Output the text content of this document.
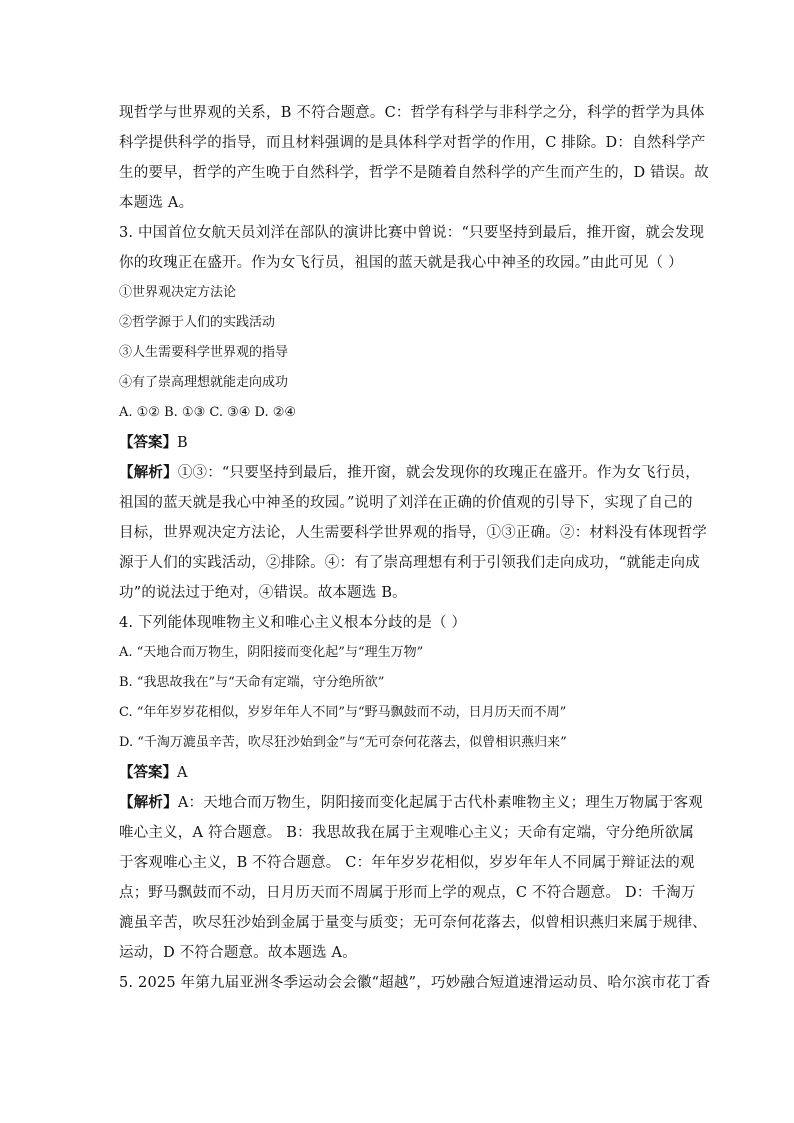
现哲学与世界观的关系，B 不符合题意。C：哲学有科学与非科学之分，科学的哲学为具体

科学提供科学的指导，而且材料强调的是具体科学对哲学的作用，C 排除。D：自然科学产

生的要早，哲学的产生晚于自然科学，哲学不是随着自然科学的产生而产生的，D 错误。故

本题选 A。

3. 中国首位女航天员刘洋在部队的演讲比赛中曾说：“只要坚持到最后，推开窗，就会发现

你的玫瑰正在盛开。作为女飞行员，祖国的蓝天就是我心中神圣的玫园。”由此可见（ ）

①世界观决定方法论

②哲学源于人们的实践活动

③人生需要科学世界观的指导

④有了崇高理想就能走向成功

A. ①② B. ①③ C. ③④ D. ②④

【答案】B

【解析】①③：“只要坚持到最后，推开窗，就会发现你的玫瑰正在盛开。作为女飞行员，

祖国的蓝天就是我心中神圣的玫园。”说明了刘洋在正确的价值观的引导下，实现了自己的

目标，世界观决定方法论，人生需要科学世界观的指导，①③正确。②：材料没有体现哲学

源于人们的实践活动，②排除。④：有了崇高理想有利于引领我们走向成功，“就能走向成

功”的说法过于绝对，④错误。故本题选 B。

4. 下列能体现唯物主义和唯心主义根本分歧的是（ ）

A. “天地合而万物生，阴阳接而变化起”与“理生万物”

B. “我思故我在”与“天命有定端，守分绝所欲”

C. “年年岁岁花相似，岁岁年年人不同”与“野马飘鼓而不动，日月历天而不周”

D. “千淘万漉虽辛苦，吹尽狂沙始到金”与“无可奈何花落去，似曾相识燕归来”

【答案】A

【解析】A：天地合而万物生，阴阳接而变化起属于古代朴素唯物主义；理生万物属于客观

唯心主义，A 符合题意。 B：我思故我在属于主观唯心主义；天命有定端，守分绝所欲属

于客观唯心主义，B 不符合题意。 C：年年岁岁花相似，岁岁年年人不同属于辩证法的观

点；野马飘鼓而不动，日月历天而不周属于形而上学的观点，C 不符合题意。 D：千淘万

漉虽辛苦，吹尽狂沙始到金属于量变与质变；无可奈何花落去，似曾相识燕归来属于规律、

运动，D 不符合题意。故本题选 A。

5. 2025 年第九届亚洲冬季运动会会徽“超越”，巧妙融合短道速滑运动员、哈尔滨市花丁香
